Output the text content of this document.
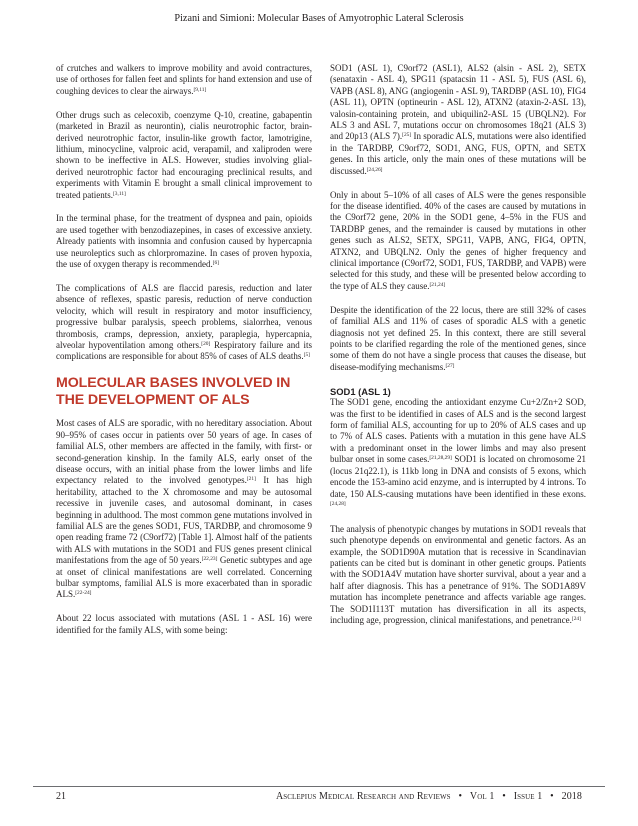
Pizani and Simioni: Molecular Bases of Amyotrophic Lateral Sclerosis

of crutches and walkers to improve mobility and avoid contractures, use of orthoses for fallen feet and splints for hand extension and use of coughing devices to clear the airways.[9,11]

Other drugs such as celecoxib, coenzyme Q-10, creatine, gabapentin (marketed in Brazil as neurontin), cialis neurotrophic factor, brain-derived neurotrophic factor, insulin-like growth factor, lamotrigine, lithium, minocycline, valproic acid, verapamil, and xaliproden were shown to be ineffective in ALS. However, studies involving glial-derived neurotrophic factor had encouraging preclinical results, and experiments with Vitamin E brought a small clinical improvement to treated patients.[3,11]

In the terminal phase, for the treatment of dyspnea and pain, opioids are used together with benzodiazepines, in cases of excessive anxiety. Already patients with insomnia and confusion caused by hypercapnia use neuroleptics such as chlorpromazine. In cases of proven hypoxia, the use of oxygen therapy is recommended.[6]

The complications of ALS are flaccid paresis, reduction and later absence of reflexes, spastic paresis, reduction of nerve conduction velocity, which will result in respiratory and motor insufficiency, progressive bulbar paralysis, speech problems, sialorrhea, venous thrombosis, cramps, depression, anxiety, paraplegia, hypercapnia, alveolar hypoventilation among others.[20] Respiratory failure and its complications are responsible for about 85% of cases of ALS deaths.[5]

MOLECULAR BASES INVOLVED IN THE DEVELOPMENT OF ALS

Most cases of ALS are sporadic, with no hereditary association. About 90–95% of cases occur in patients over 50 years of age. In cases of familial ALS, other members are affected in the family, with first- or second-generation kinship. In the family ALS, early onset of the disease occurs, with an initial phase from the lower limbs and life expectancy related to the involved genotypes.[21] It has high heritability, attached to the X chromosome and may be autosomal recessive in juvenile cases, and autosomal dominant, in cases beginning in adulthood. The most common gene mutations involved in familial ALS are the genes SOD1, FUS, TARDBP, and chromosome 9 open reading frame 72 (C9orf72) [Table 1]. Almost half of the patients with ALS with mutations in the SOD1 and FUS genes present clinical manifestations from the age of 50 years.[22,23] Genetic subtypes and age at onset of clinical manifestations are well correlated. Concerning bulbar symptoms, familial ALS is more exacerbated than in sporadic ALS.[22-24]

About 22 locus associated with mutations (ASL 1 - ASL 16) were identified for the family ALS, with some being:

SOD1 (ASL 1), C9orf72 (ASL1), ALS2 (alsin - ASL 2), SETX (senataxin - ASL 4), SPG11 (spatacsin 11 - ASL 5), FUS (ASL 6), VAPB (ASL 8), ANG (angiogenin - ASL 9), TARDBP (ASL 10), FIG4 (ASL 11), OPTN (optineurin - ASL 12), ATXN2 (ataxin-2-ASL 13), valosin-containing protein, and ubiquilin2-ASL 15 (UBQLN2). For ALS 3 and ASL 7, mutations occur on chromosomes 18q21 (ALS 3) and 20p13 (ALS 7).[25] In sporadic ALS, mutations were also identified in the TARDBP, C9orf72, SOD1, ANG, FUS, OPTN, and SETX genes. In this article, only the main ones of these mutations will be discussed.[24,26]

Only in about 5–10% of all cases of ALS were the genes responsible for the disease identified. 40% of the cases are caused by mutations in the C9orf72 gene, 20% in the SOD1 gene, 4–5% in the FUS and TARDBP genes, and the remainder is caused by mutations in other genes such as ALS2, SETX, SPG11, VAPB, ANG, FIG4, OPTN, ATXN2, and UBQLN2. Only the genes of higher frequency and clinical importance (C9orf72, SOD1, FUS, TARDBP, and VAPB) were selected for this study, and these will be presented below according to the type of ALS they cause.[21,24]

Despite the identification of the 22 locus, there are still 32% of cases of familial ALS and 11% of cases of sporadic ALS with a genetic diagnosis not yet defined 25. In this context, there are still several points to be clarified regarding the role of the mentioned genes, since some of them do not have a single process that causes the disease, but disease-modifying mechanisms.[27]

SOD1 (ASL 1)

The SOD1 gene, encoding the antioxidant enzyme Cu+2/Zn+2 SOD, was the first to be identified in cases of ALS and is the second largest form of familial ALS, accounting for up to 20% of ALS cases and up to 7% of ALS cases. Patients with a mutation in this gene have ALS with a predominant onset in the lower limbs and may also present bulbar onset in some cases.[21,28,29] SOD1 is located on chromosome 21 (locus 21q22.1), is 11kb long in DNA and consists of 5 exons, which encode the 153-amino acid enzyme, and is interrupted by 4 introns. To date, 150 ALS-causing mutations have been identified in these exons.[24,28]

The analysis of phenotypic changes by mutations in SOD1 reveals that such phenotype depends on environmental and genetic factors. As an example, the SOD1D90A mutation that is recessive in Scandinavian patients can be cited but is dominant in other genetic groups. Patients with the SOD1A4V mutation have shorter survival, about a year and a half after diagnosis. This has a penetrance of 91%. The SOD1A89V mutation has incomplete penetrance and affects variable age ranges. The SOD1I113T mutation has diversification in all its aspects, including age, progression, clinical manifestations, and penetrance.[24]

21	Asclepius Medical Research and Reviews • Vol 1 • Issue 1 • 2018
